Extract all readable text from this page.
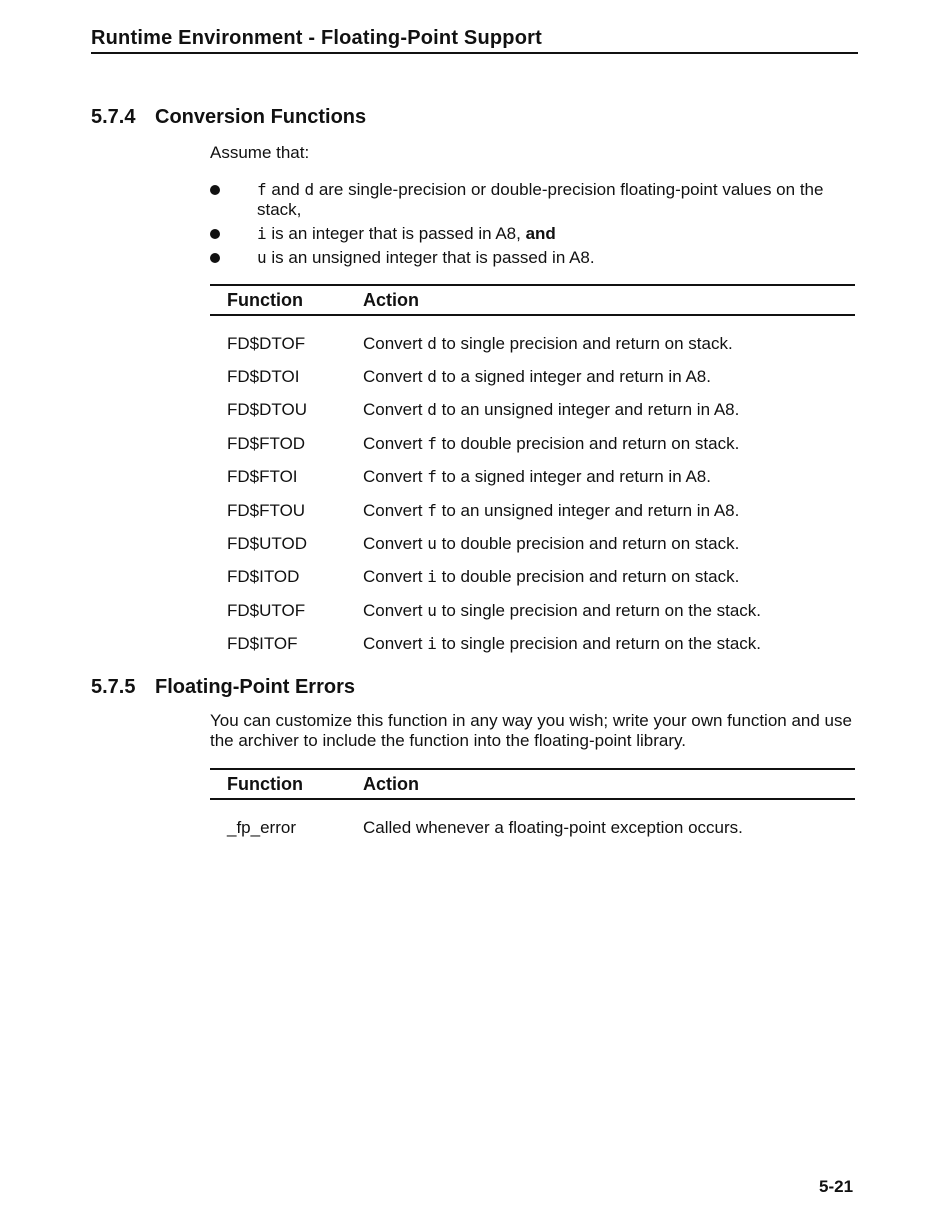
Runtime Environment - Floating-Point Support
5.7.4 Conversion Functions
Assume that:
f and d are single-precision or double-precision floating-point values on the stack,
i is an integer that is passed in A8, and
u is an unsigned integer that is passed in A8.
Function	Action
FD$DTOF	Convert d to single precision and return on stack.
FD$DTOI	Convert d to a signed integer and return in A8.
FD$DTOU	Convert d to an unsigned integer and return in A8.
FD$FTOD	Convert f to double precision and return on stack.
FD$FTOI	Convert f to a signed integer and return in A8.
FD$FTOU	Convert f to an unsigned integer and return in A8.
FD$UTOD	Convert u to double precision and return on stack.
FD$ITOD	Convert i to double precision and return on stack.
FD$UTOF	Convert u to single precision and return on the stack.
FD$ITOF	Convert i to single precision and return on the stack.
5.7.5 Floating-Point Errors
You can customize this function in any way you wish; write your own function and use the archiver to include the function into the floating-point library.
Function	Action
_fp_error	Called whenever a floating-point exception occurs.
5-21
